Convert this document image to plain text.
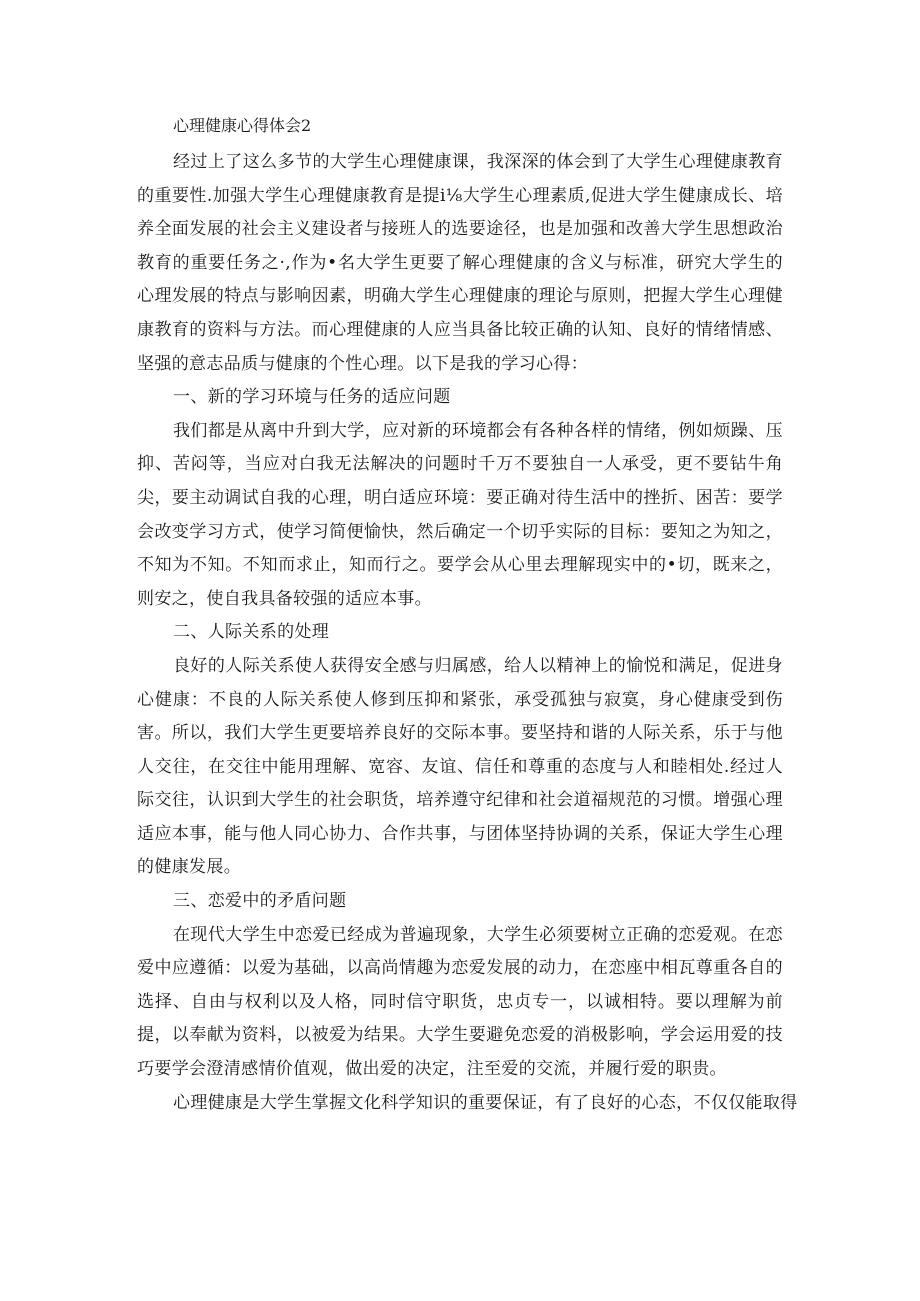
心理健康心得体会2

经过上了这么多节的大学生心理健康课，我深深的体会到了大学生心理健康教育的重要性.加强大学生心理健康教育是提i⅛大学生心理素质,促进大学生健康成长、培养全面发展的社会主义建设者与接班人的选要途径，也是加强和改善大学生思想政治教育的重要任务之·,作为•名大学生更要了解心理健康的含义与标准，研究大学生的心理发展的特点与影响因素，明确大学生心理健康的理论与原则，把握大学生心理健康教育的资料与方法。而心理健康的人应当具备比较正确的认知、良好的情绪情感、坚强的意志品质与健康的个性心理。以下是我的学习心得：

一、新的学习环境与任务的适应问题

我们都是从离中升到大学，应对新的环境都会有各种各样的情绪，例如烦躁、压抑、苦闷等，当应对白我无法解决的问题时千万不要独自一人承受，更不要钻牛角尖，要主动调试自我的心理，明白适应环境：要正确对待生活中的挫折、困苦：要学会改变学习方式，使学习简便愉快，然后确定一个切乎实际的目标：要知之为知之，不知为不知。不知而求止，知而行之。要学会从心里去理解现实中的•切，既来之，则安之，使自我具备较强的适应本事。

二、人际关系的处理

良好的人际关系使人获得安全感与归属感，给人以精神上的愉悦和满足，促进身心健康：不良的人际关系使人修到压抑和紧张，承受孤独与寂寞，身心健康受到伤害。所以，我们大学生更要培养良好的交际本事。要坚持和谐的人际关系，乐于与他人交往，在交往中能用理解、宽容、友谊、信任和尊重的态度与人和睦相处.经过人际交往，认识到大学生的社会职货，培养遵守纪律和社会道福规范的习惯。增强心理适应本事，能与他人同心协力、合作共事，与团体坚持协调的关系，保证大学生心理的健康发展。

三、恋爱中的矛盾问题

在现代大学生中恋爱已经成为普遍现象，大学生必须要树立正确的恋爱观。在恋爱中应遵循：以爱为基础，以高尚情趣为恋爱发展的动力，在恋座中相瓦尊重各自的选择、自由与权利以及人格，同时信守职货，忠贞专一，以诚相特。要以理解为前提，以奉献为资料，以被爱为结果。大学生要避免恋爱的消极影响，学会运用爱的技巧要学会澄清感情价值观，做出爱的决定，注至爱的交流，并履行爱的职贵。

心理健康是大学生掌握文化科学知识的重要保证，有了良好的心态，不仅仅能取得
